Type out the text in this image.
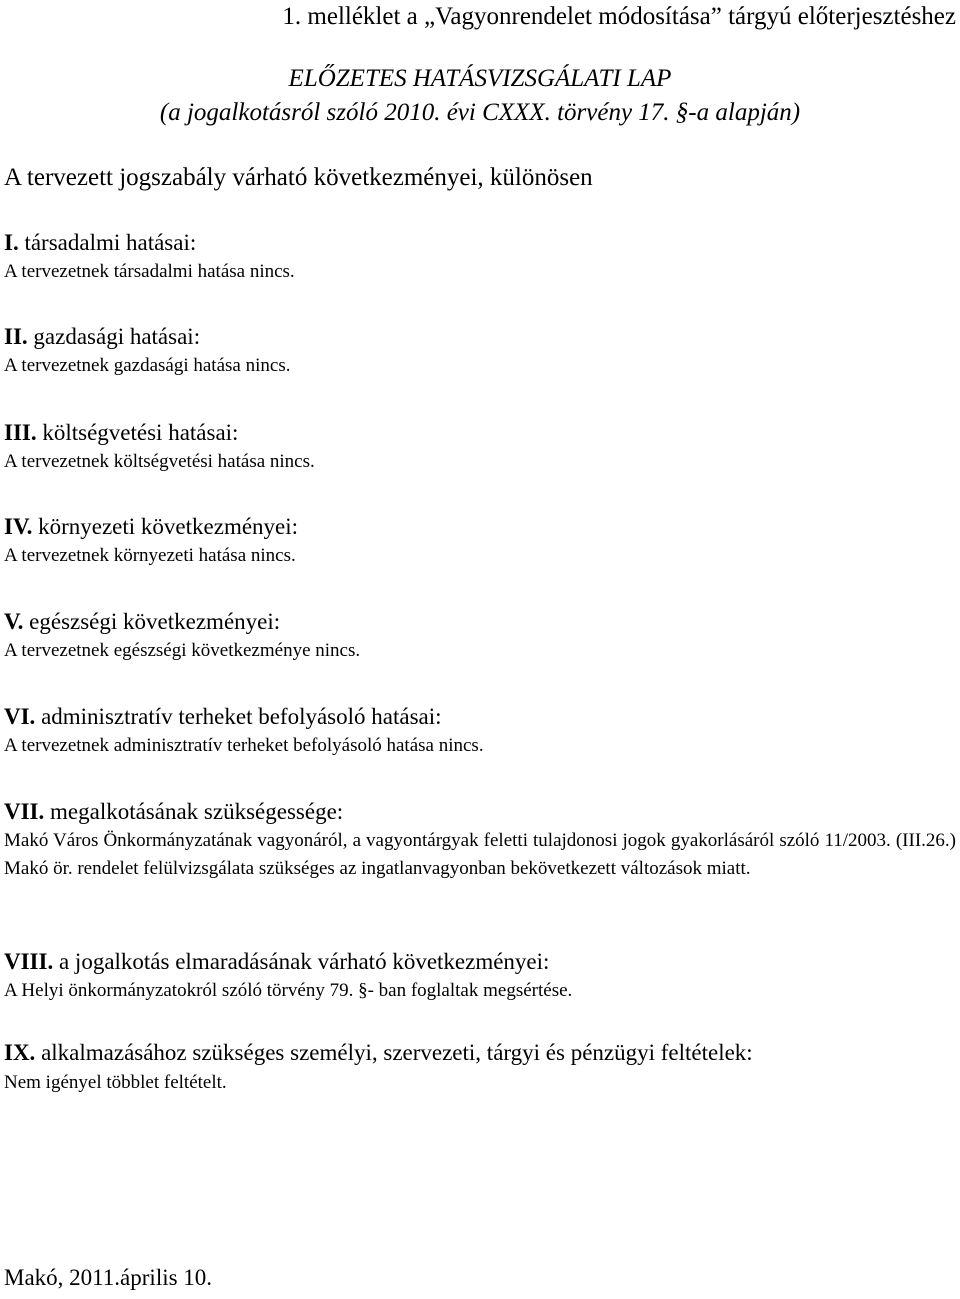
1. melléklet a „Vagyonrendelet módosítása” tárgyú előterjesztéshez
ELŐZETES HATÁSVIZSGÁLATI LAP
(a jogalkotásról szóló 2010. évi CXXX. törvény 17. §-a alapján)
A tervezett jogszabály várható következményei, különösen
I. társadalmi hatásai:
A tervezetnek társadalmi hatása nincs.
II. gazdasági hatásai:
A tervezetnek gazdasági hatása nincs.
III. költségvetési hatásai:
A tervezetnek költségvetési hatása nincs.
IV. környezeti következményei:
A tervezetnek környezeti hatása nincs.
V. egészségi következményei:
A tervezetnek egészségi következménye nincs.
VI. adminisztratív terheket befolyásoló hatásai:
A tervezetnek adminisztratív terheket befolyásoló hatása nincs.
VII. megalkotásának szükségessége:
Makó Város Önkormányzatának vagyonáról, a vagyontárgyak feletti tulajdonosi jogok gyakorlásáról szóló 11/2003. (III.26.) Makó ör. rendelet felülvizsgálata szükséges az ingatlanvagyonban bekövetkezett változások miatt.
VIII. a jogalkotás elmaradásának várható következményei:
A Helyi önkormányzatokról szóló törvény 79. §- ban foglaltak megsértése.
IX. alkalmazásához szükséges személyi, szervezeti, tárgyi és pénzügyi feltételek:
Nem igényel többlet feltételt.
Makó, 2011.április 10.
